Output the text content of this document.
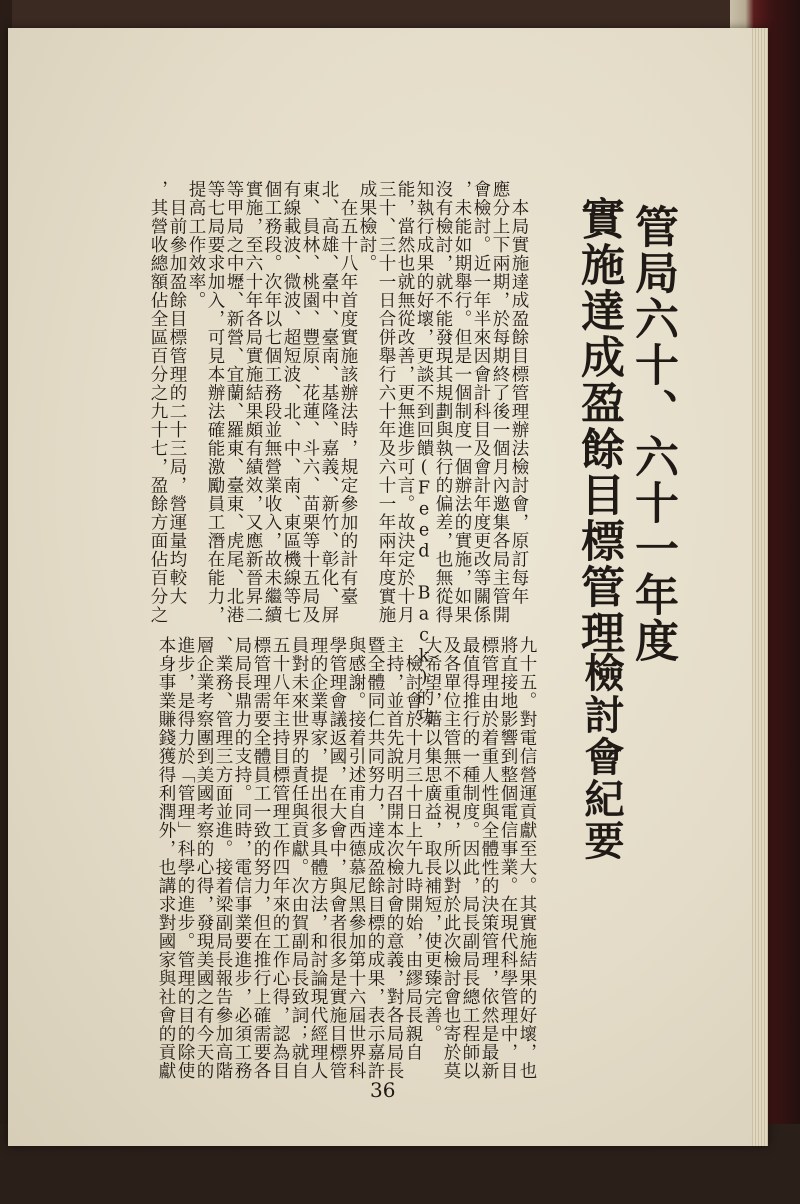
管局六十、六十一年度
實施達成盈餘目標管理
檢討會紀要
　本局實施達成盈餘目標管理辦法檢討會，原訂每年
應分上下兩期，於每期終了後一個月內邀集各局主管開
會檢討。近一年半來因會計科目及會計年度更改等關係
，未能如期舉行。但是一個制度一個辦法的實施，如果
沒有檢討，就不能發現其規劃與執行的偏差，也無從得
知執行成果的好壞，更談不到回饋(Feed
能，當然也就無從改善，更無進步可言。故決定於十月
三十、三十一日合併舉行六十年及六十一年兩年度實施
成果檢討。
　在五十八年首度實施該辦法時，規定參加的計有臺
北、高雄、臺中、臺南、基隆、嘉義、新竹、彰化、屏
東、員林、桃園、豐原、花蓮、斗六、苗栗等十五局及
有線載波、微波、超短波、北、中、南、東區機線等七
個工務段。次年以七個工務段並無營業收入，故未繼續
實施，至六十年各局實施結果頗有績效，又應新晉昇二
等甲局之中壢、新營、宜蘭、羅東、臺東、虎尾、北港
等七局要求加入，可見本辦法確能激勵員工潛在能力，
提高工作效率。
　目前參加盈餘目標管理的二十三局，營運量均較大
，其營收總額佔全區百分之九十七，盈餘方面佔百分之
九十五。對電信營運貢獻至大。其實施結果的好壞，也
將直接地影響到整個電信事業。在現代科學管理中，目
標管理由於着重人性與全體性的決策管理，依然是最新
最值得推行的一種制度。因此，局長副局長總工程師以
及各單位主管無不重視，所以對於此次檢討會也寄於莫
大希望，藉以集思廣益，取長補短，使更臻完善。
　檢討會於十月三十日上午九時開始，由繆局長親自
主持，並首先說明召開本次檢討會的意義，對各局局長
暨全體同仁共同努力，達成盈餘目標的成果，表示嘉許
與感謝。接着引述甫自西德慕尼黑參加第十六屆世界科
學管理會議返國，在大會中，與會者很多是實施目標管
理的企業專家，提出很多具體方法，和討論現代經理人
員對未來世界的責任與貢獻。次由賀副局長致詞；就自
五十八年主持目標管理工作四年來的工作心得，認為目
標管理需要全體員工一致的努力，但在推行上確需要各
局局長鼎力的支持。同時，電信事業要進步，必須工務
、業務、管理三方面並進。接着梁副局長報告參加高階
層企業考察團到美國考察的心得，發現美國之有今天的
進步，是得力於「管理」科學的進步。管理的目的除使
本身事業賺錢獲得利潤外，也講求對國家與社會的貢獻
36
